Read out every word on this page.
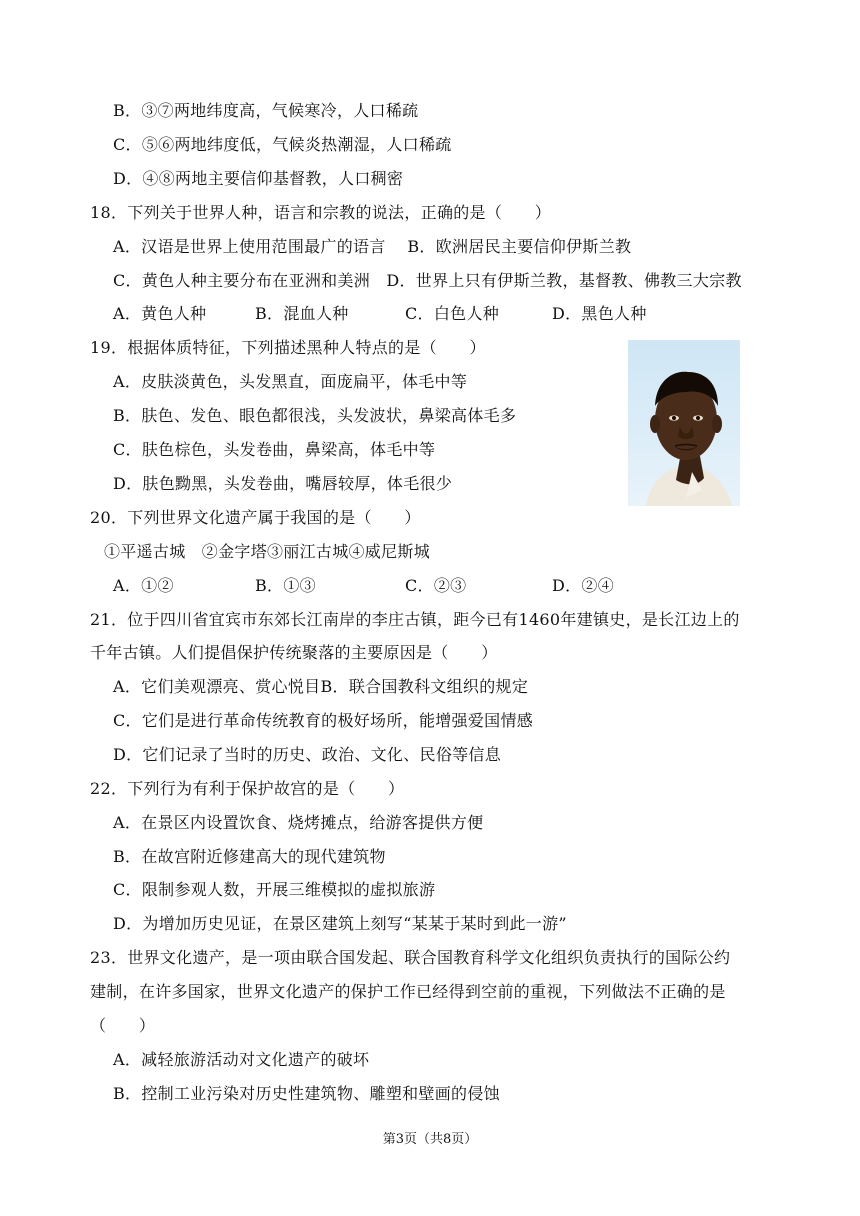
B．③⑦两地纬度高，气候寒冷，人口稀疏
C．⑤⑥两地纬度低，气候炎热潮湿，人口稀疏
D．④⑧两地主要信仰基督教，人口稠密
18．下列关于世界人种，语言和宗教的说法，正确的是（　　）
A．汉语是世界上使用范围最广的语言　 B．欧洲居民主要信仰伊斯兰教
C．黄色人种主要分布在亚洲和美洲　D．世界上只有伊斯兰教，基督教、佛教三大宗教
A．黄色人种	B．混血人种	C．白色人种	D．黑色人种
19．根据体质特征，下列描述黑种人特点的是（　　）
A．皮肤淡黄色，头发黑直，面庞扁平，体毛中等
B．肤色、发色、眼色都很浅，头发波状，鼻梁高体毛多
C．肤色棕色，头发卷曲，鼻梁高，体毛中等
D．肤色黝黑，头发卷曲，嘴唇较厚，体毛很少
20．下列世界文化遗产属于我国的是（　　）
①平遥古城　②金字塔③丽江古城④威尼斯城
A．①②	B．①③	C．②③	D．②④
21．位于四川省宜宾市东郊长江南岸的李庄古镇，距今已有1460年建镇史，是长江边上的
千年古镇。人们提倡保护传统聚落的主要原因是（　　）
A．它们美观漂亮、赏心悦目B．联合国教科文组织的规定
C．它们是进行革命传统教育的极好场所，能增强爱国情感
D．它们记录了当时的历史、政治、文化、民俗等信息
22．下列行为有利于保护故宫的是（　　）
A．在景区内设置饮食、烧烤摊点，给游客提供方便
B．在故宫附近修建高大的现代建筑物
C．限制参观人数，开展三维模拟的虚拟旅游
D．为增加历史见证，在景区建筑上刻写“某某于某时到此一游”
23．世界文化遗产，是一项由联合国发起、联合国教育科学文化组织负责执行的国际公约
建制，在许多国家，世界文化遗产的保护工作已经得到空前的重视，下列做法不正确的是
（　　）
A．减轻旅游活动对文化遗产的破坏
B．控制工业污染对历史性建筑物、雕塑和壁画的侵蚀
第3页（共8页）
